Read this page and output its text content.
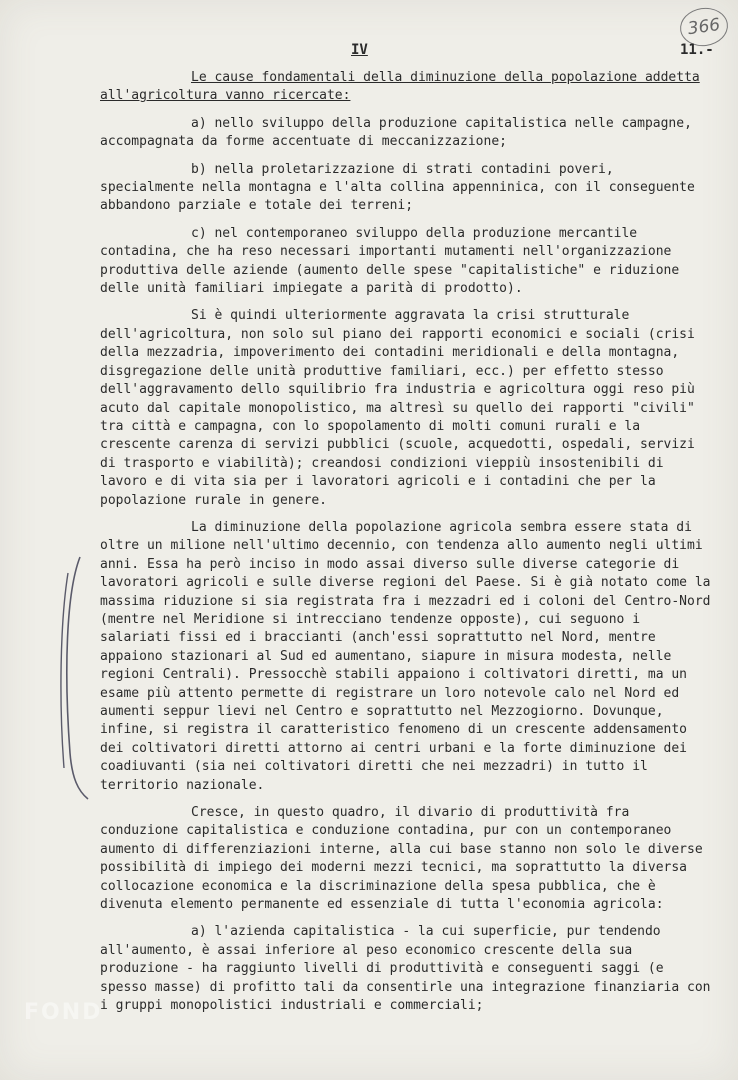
366
IV	11.-

Le cause fondamentali della diminuzione della popolazione addetta all'agricoltura vanno ricercate:

a) nello sviluppo della produzione capitalistica nelle campagne, accompagnata da forme accentuate di meccanizzazione;

b) nella proletarizzazione di strati contadini poveri, specialmente nella montagna e l'alta collina appenninica, con il conseguente abbandono parziale e totale dei terreni;

c) nel contemporaneo sviluppo della produzione mercantile contadina, che ha reso necessari importanti mutamenti nell'organizzazione produttiva delle aziende (aumento delle spese "capitalistiche" e riduzione delle unità familiari impiegate a parità di prodotto).

Si è quindi ulteriormente aggravata la crisi strutturale dell'agricoltura, non solo sul piano dei rapporti economici e sociali (crisi della mezzadria, impoverimento dei contadini meridionali e della montagna, disgregazione delle unità produttive familiari, ecc.) per effetto stesso dell'aggravamento dello squilibrio fra industria e agricoltura oggi reso più acuto dal capitale monopolistico, ma altresì su quello dei rapporti "civili" tra città e campagna, con lo spopolamento di molti comuni rurali e la crescente carenza di servizi pubblici (scuole, acquedotti, ospedali, servizi di trasporto e viabilità); creandosi condizioni vieppiù insostenibili di lavoro e di vita sia per i lavoratori agricoli e i contadini che per la popolazione rurale in genere.

La diminuzione della popolazione agricola sembra essere stata di oltre un milione nell'ultimo decennio, con tendenza allo aumento negli ultimi anni. Essa ha però inciso in modo assai diverso sulle diverse categorie di lavoratori agricoli e sulle diverse regioni del Paese. Si è già notato come la massima riduzione si sia registrata fra i mezzadri ed i coloni del Centro-Nord (mentre nel Meridione si intrecciano tendenze opposte), cui seguono i salariati fissi ed i braccianti (anch'essi soprattutto nel Nord, mentre appaiono stazionari al Sud ed aumentano, siapure in misura modesta, nelle regioni Centrali). Pressocchè stabili appaiono i coltivatori diretti, ma un esame più attento permette di registrare un loro notevole calo nel Nord ed aumenti seppur lievi nel Centro e soprattutto nel Mezzogiorno. Dovunque, infine, si registra il caratteristico fenomeno di un crescente addensamento dei coltivatori diretti attorno ai centri urbani e la forte diminuzione dei coadiuvanti (sia nei coltivatori diretti che nei mezzadri) in tutto il territorio nazionale.

Cresce, in questo quadro, il divario di produttività fra conduzione capitalistica e conduzione contadina, pur con un contemporaneo aumento di differenziazioni interne, alla cui base stanno non solo le diverse possibilità di impiego dei moderni mezzi tecnici, ma soprattutto la diversa collocazione economica e la discriminazione della spesa pubblica, che è divenuta elemento permanente ed essenziale di tutta l'economia agricola:

a) l'azienda capitalistica - la cui superficie, pur tendendo all'aumento, è assai inferiore al peso economico crescente della sua produzione - ha raggiunto livelli di produttività e conseguenti saggi (e spesso masse) di profitto tali da consentirle una integrazione finanziaria con i gruppi monopolistici industriali e commerciali;

FOND
